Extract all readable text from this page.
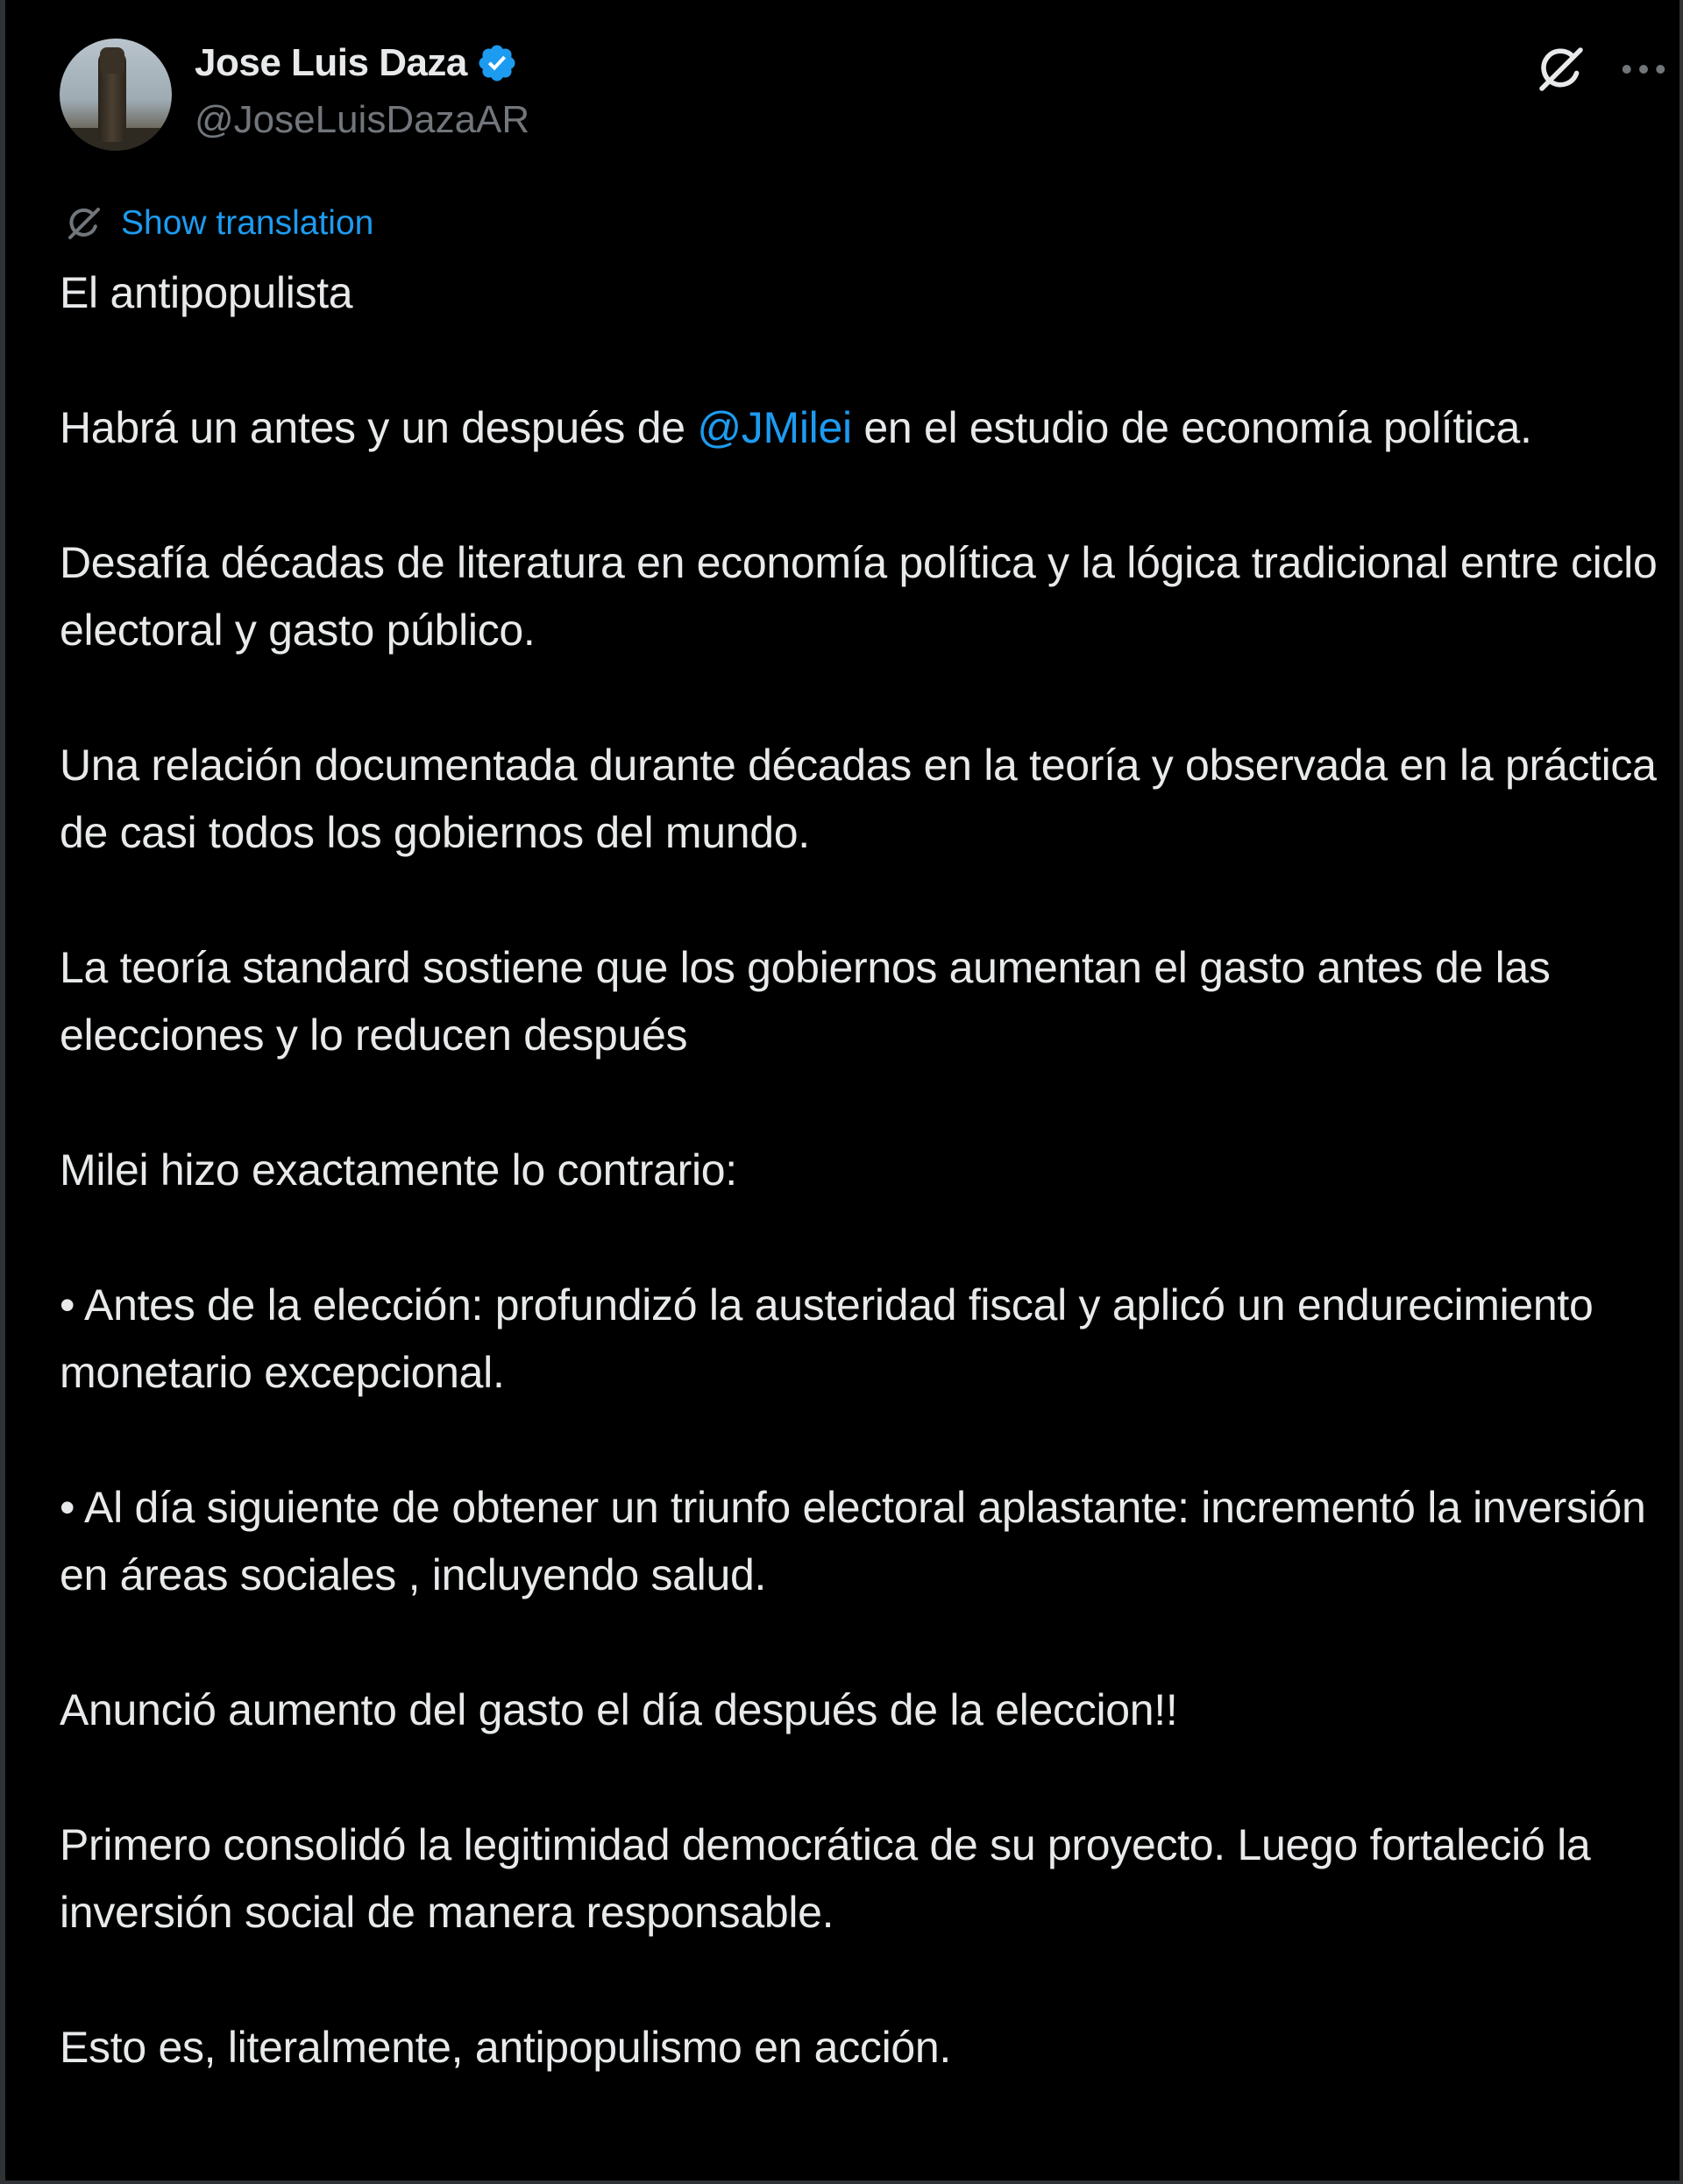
Jose Luis Daza
@JoseLuisDazaAR
Show translation

El antipopulista

Habrá un antes y un después de @JMilei en el estudio de economía política.

Desafía décadas de literatura en economía política y la lógica tradicional entre ciclo electoral y gasto público.

Una relación documentada durante décadas en la teoría y observada en la práctica de casi todos los gobiernos del mundo.

La teoría standard sostiene que los gobiernos aumentan el gasto antes de las elecciones y lo reducen después

Milei hizo exactamente lo contrario:

• Antes de la elección: profundizó la austeridad fiscal y aplicó un endurecimiento monetario excepcional.

• Al día siguiente de obtener un triunfo electoral aplastante: incrementó la inversión en áreas sociales , incluyendo salud.

Anunció aumento del gasto el día después de la eleccion!!

Primero consolidó la legitimidad democrática de su proyecto. Luego fortaleció la inversión social de manera responsable.

Esto es, literalmente, antipopulismo en acción.
